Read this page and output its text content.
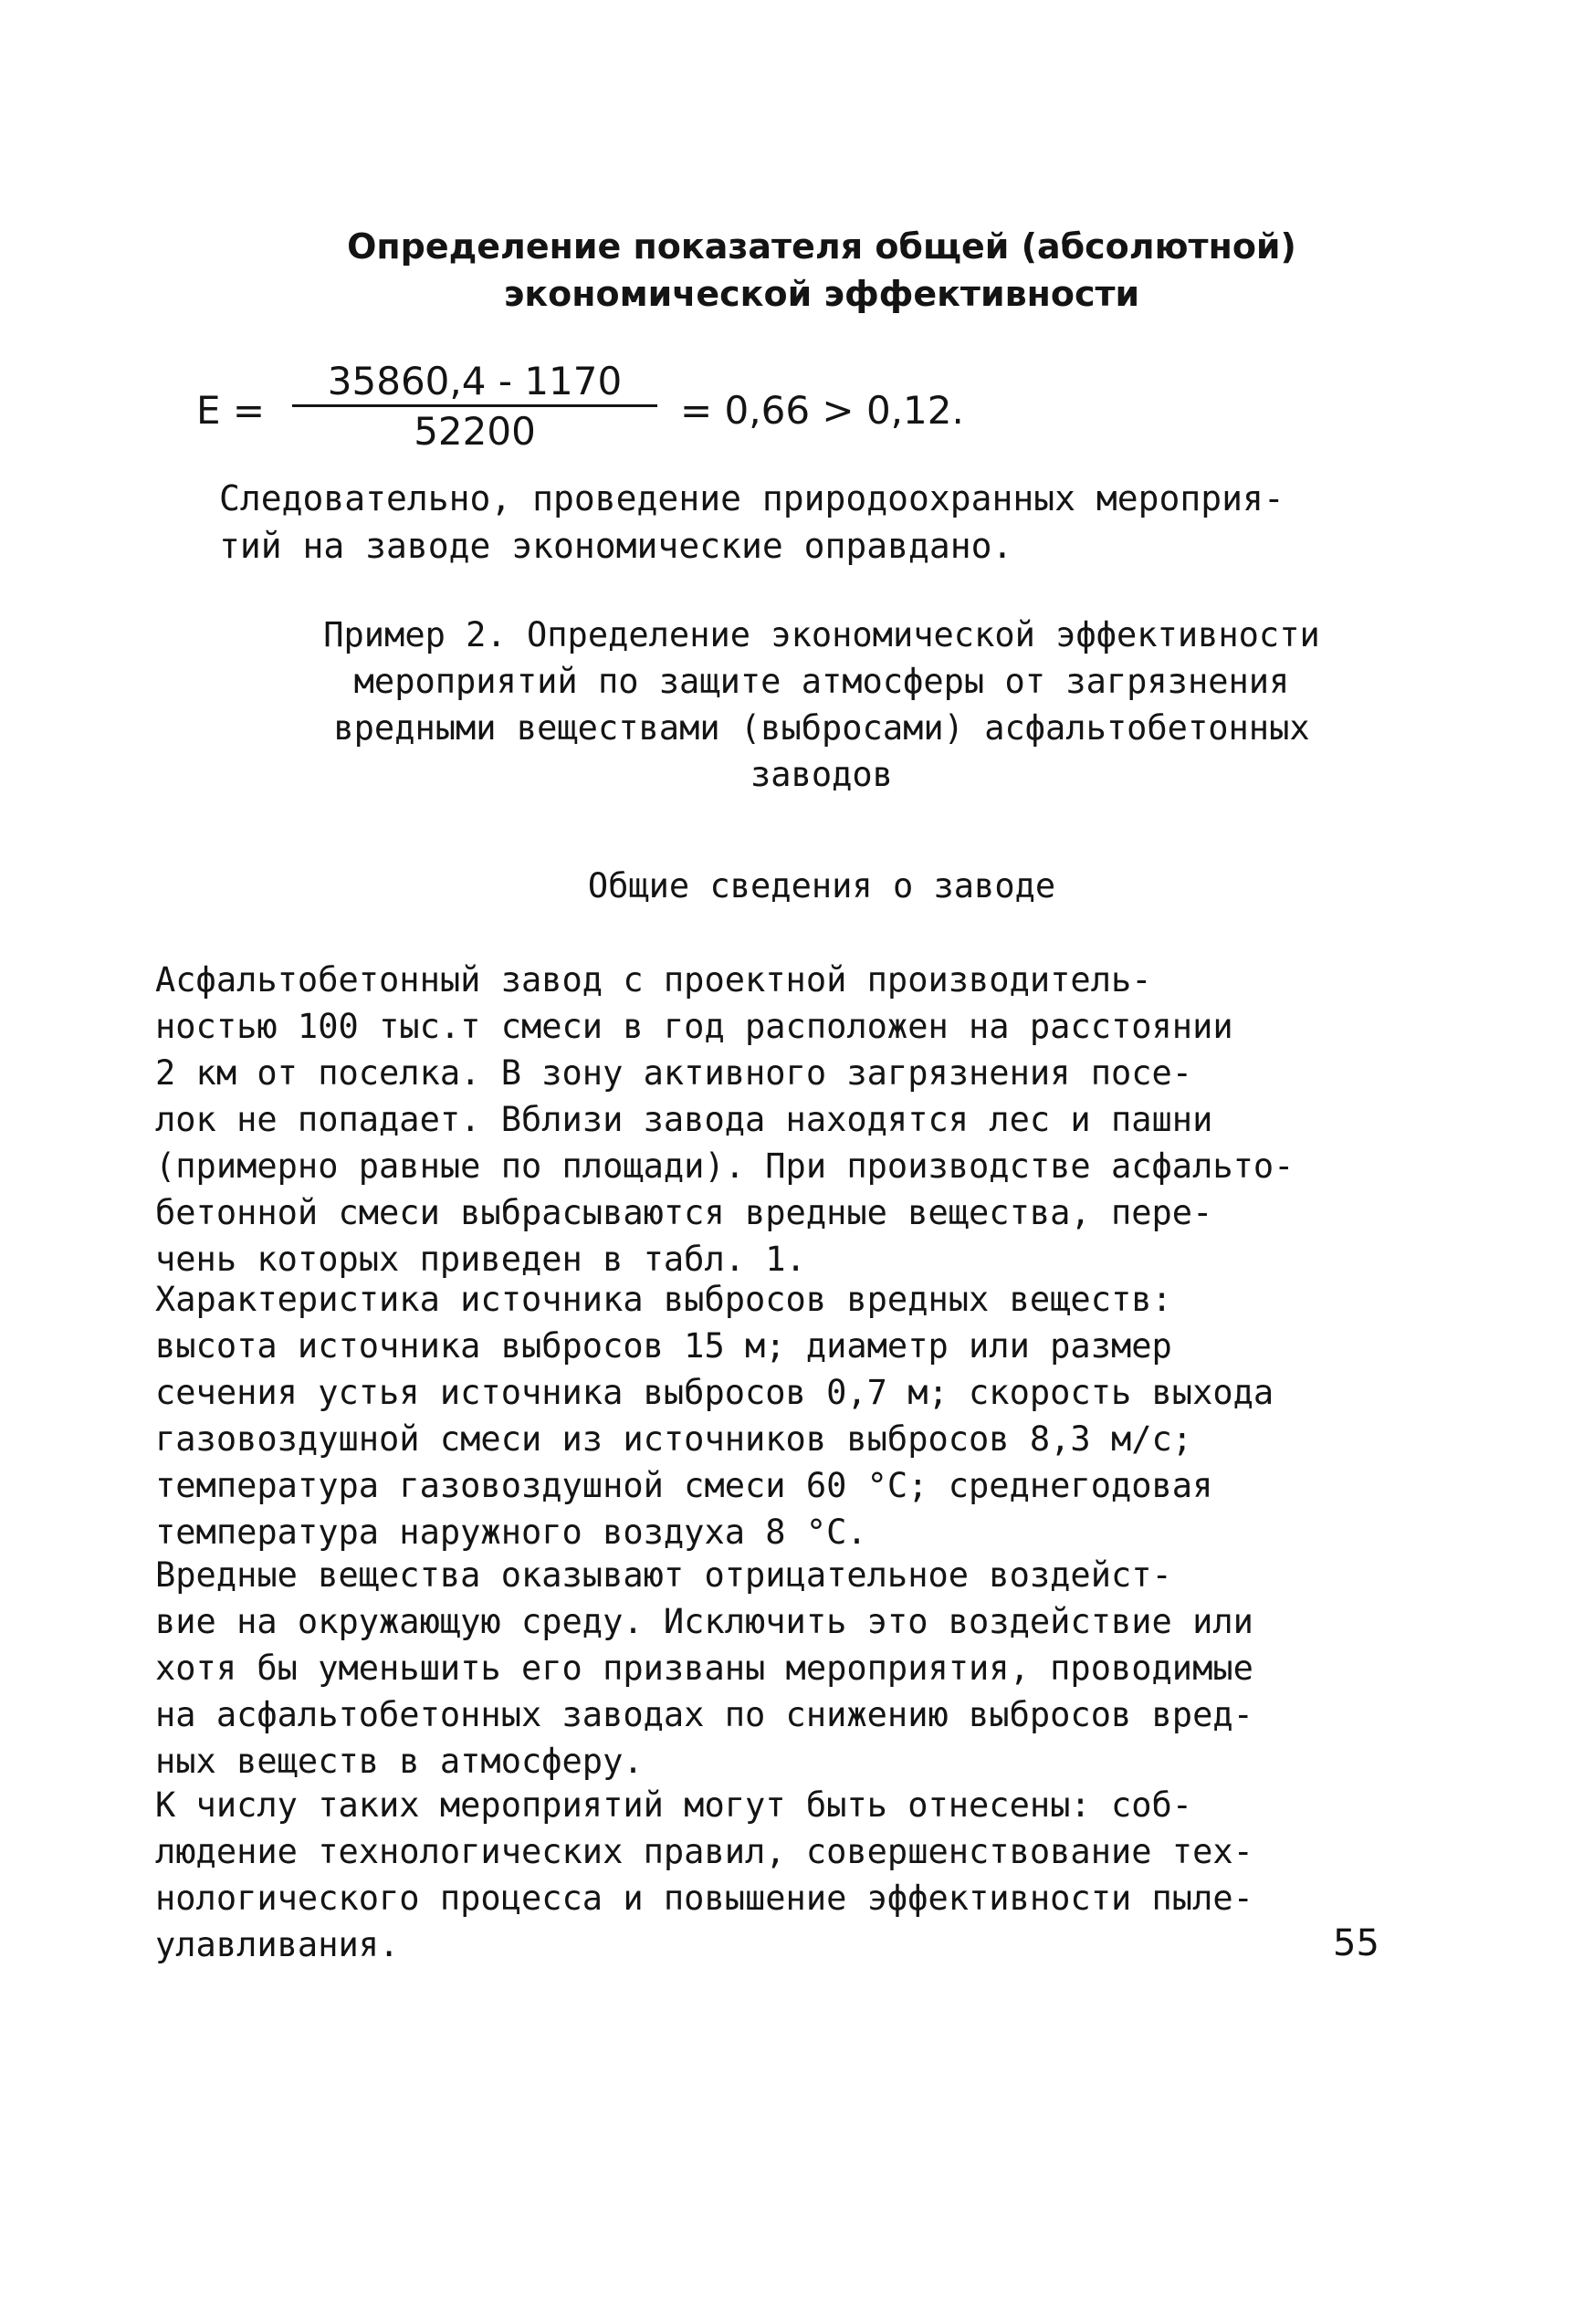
Определение показателя общей (абсолютной)
экономической эффективности
$E = \frac{35860,4 - 1170}{52200} = 0,66 > 0,12$.
Следовательно, проведение природоохранных мероприя-
тий на заводе экономические оправдано.
Пример 2. Определение экономической эффективности
мероприятий по защите атмосферы от загрязнения
вредными веществами (выбросами) асфальтобетонных
заводов
Общие сведения о заводе
Асфальтобетонный завод с проектной производитель-
ностью 100 тыс.т смеси в год расположен на расстоянии
2 км от поселка. В зону активного загрязнения посе-
лок не попадает. Вблизи завода находятся лес и пашни
(примерно равные по площади). При производстве асфальто-
бетонной смеси выбрасываются вредные вещества, пере-
чень которых приведен в табл. 1.
Характеристика источника выбросов вредных веществ:
высота источника выбросов 15 м; диаметр или размер
сечения устья источника выбросов 0,7 м; скорость выхода
газовоздушной смеси из источников выбросов 8,3 м/с;
температура газовоздушной смеси 60 °С; среднегодовая
температура наружного воздуха 8 °С.
Вредные вещества оказывают отрицательное воздейст-
вие на окружающую среду. Исключить это воздействие или
хотя бы уменьшить его призваны мероприятия, проводимые
на асфальтобетонных заводах по снижению выбросов вред-
ных веществ в атмосферу.
К числу таких мероприятий могут быть отнесены: соб-
людение технологических правил, совершенствование тех-
нологического процесса и повышение эффективности пыле-
улавливания.	55
